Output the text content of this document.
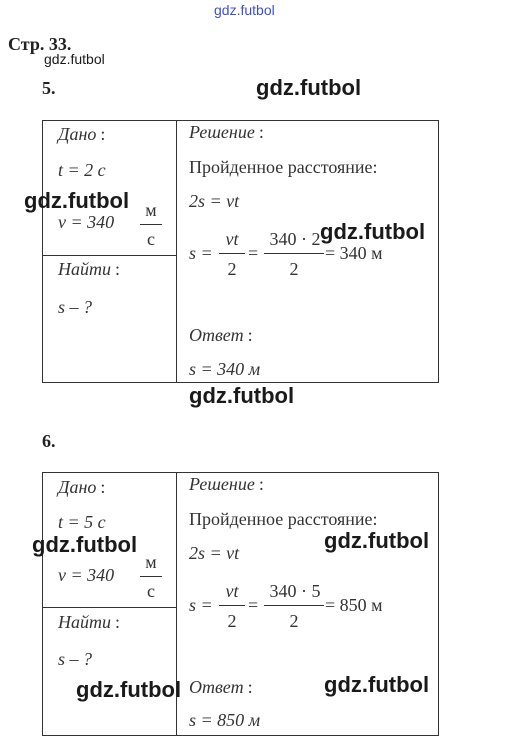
gdz.futbol
Стр. 33.
gdz.futbol
5.	gdz.futbol
Дано :
t = 2 c
v = 340
м
с
gdz.futbol
Найти :
s – ?
Решение :
Пройденное расстояние:
2s = vt
gdz.futbol
s =
vt
2
=
340 · 2
2
= 340 м
Ответ :
s = 340 м
gdz.futbol
6.
Дано :
t = 5 c
v = 340
м
с
gdz.futbol
Найти :
s – ?
gdz.futbol
Решение :
Пройденное расстояние:
gdz.futbol
2s = vt
s =
vt
2
=
340 · 5
2
= 850 м
Ответ :	gdz.futbol
s = 850 м
